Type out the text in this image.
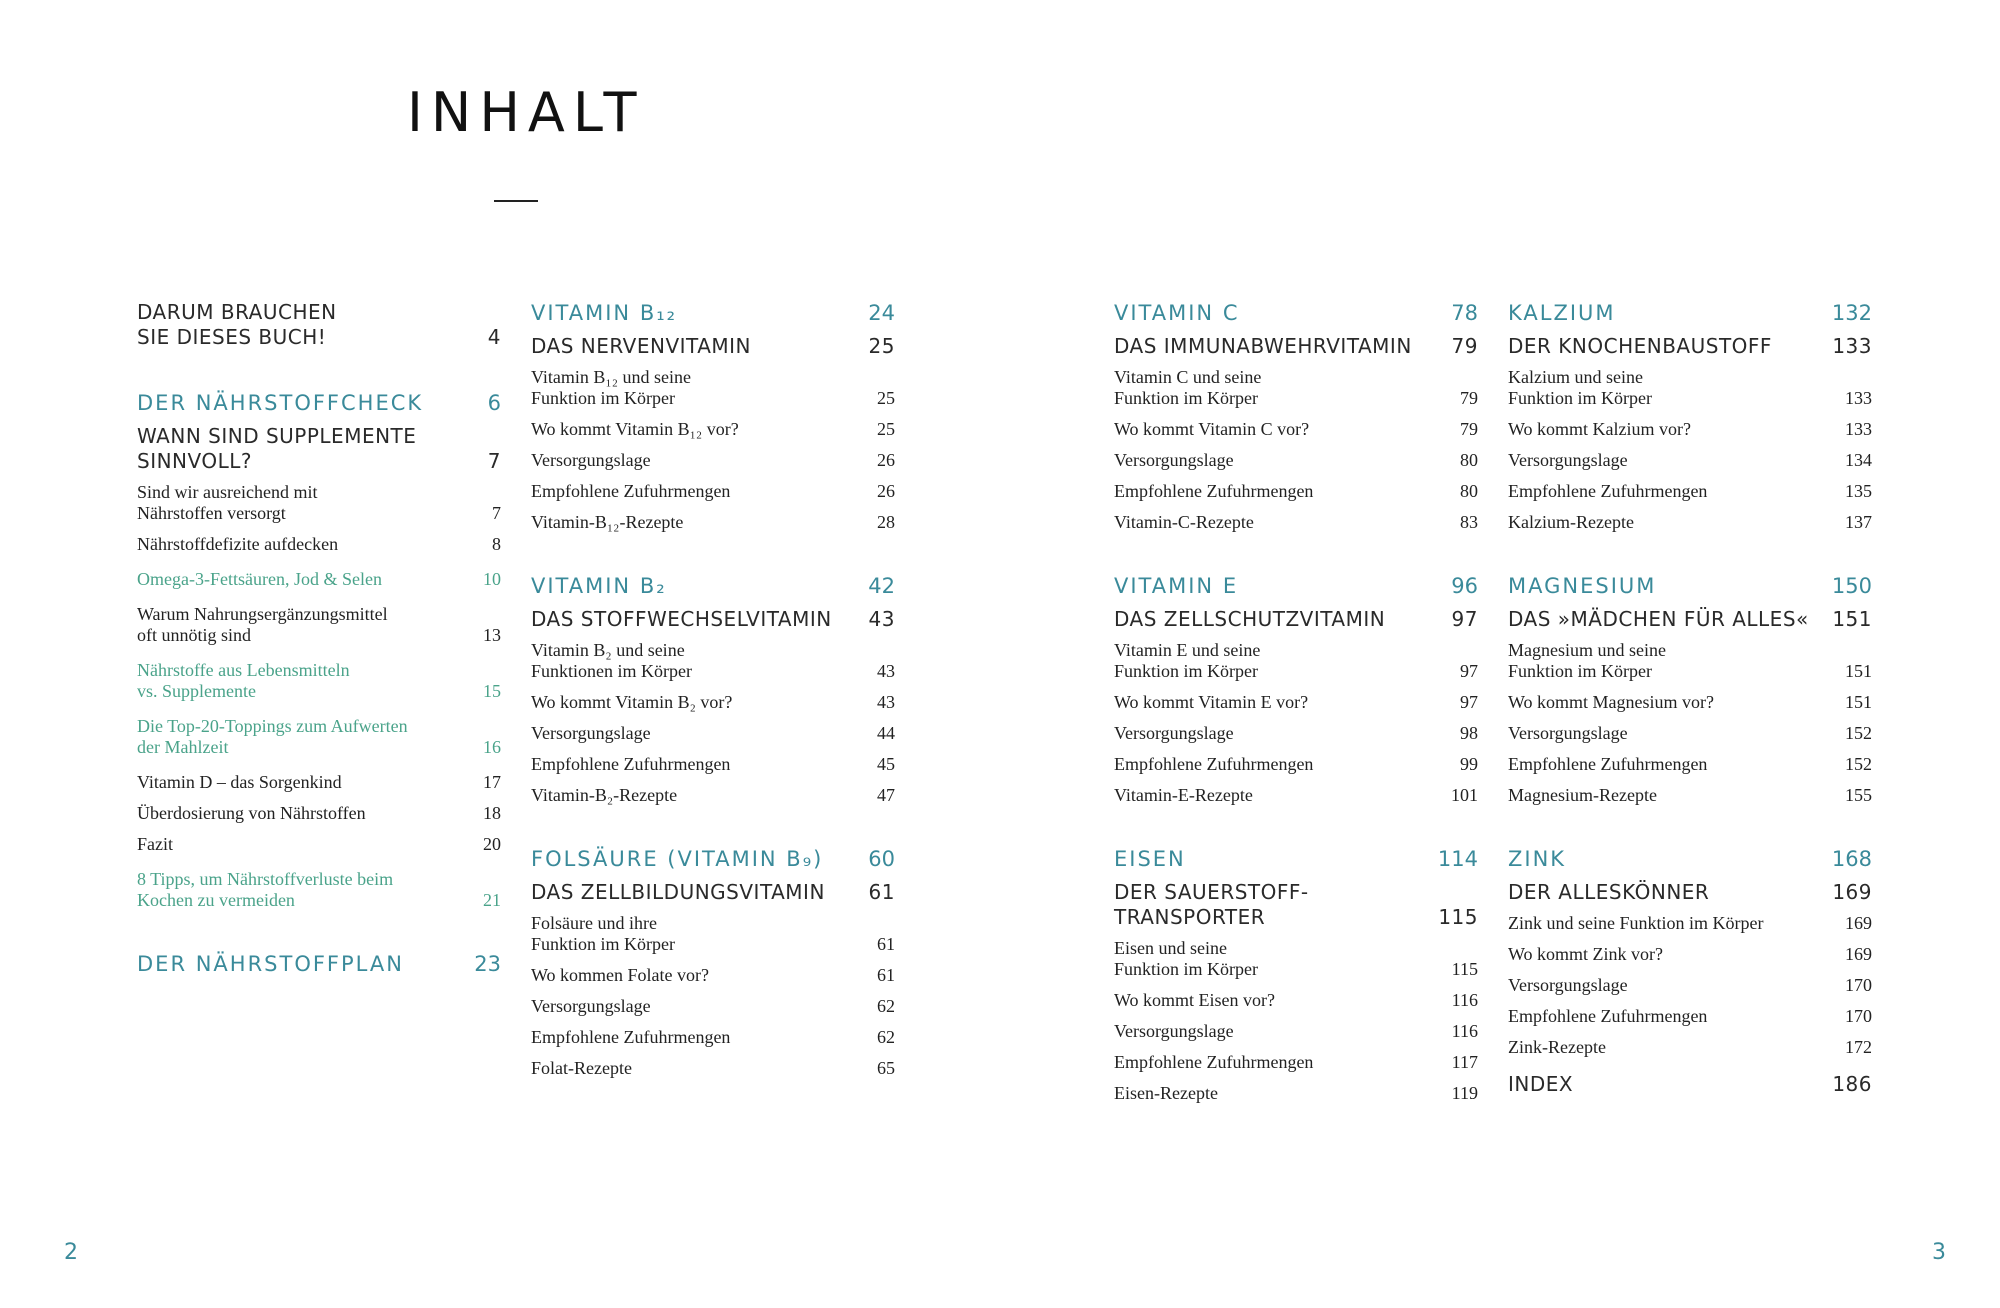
INHALT
DARUM BRAUCHEN
SIE DIESES BUCH!	4
DER NÄHRSTOFFCHECK	6
WANN SIND SUPPLEMENTE
SINNVOLL?	7
Sind wir ausreichend mit
Nährstoffen versorgt	7
Nährstoffdefizite aufdecken	8
Omega-3-Fettsäuren, Jod & Selen	10
Warum Nahrungsergänzungsmittel
oft unnötig sind	13
Nährstoffe aus Lebensmitteln
vs. Supplemente	15
Die Top-20-Toppings zum Aufwerten
der Mahlzeit	16
Vitamin D – das Sorgenkind	17
Überdosierung von Nährstoffen	18
Fazit	20
8 Tipps, um Nährstoffverluste beim
Kochen zu vermeiden	21
DER NÄHRSTOFFPLAN	23
VITAMIN B₁₂	24
DAS NERVENVITAMIN	25
Vitamin B₁₂ und seine
Funktion im Körper	25
Wo kommt Vitamin B₁₂ vor?	25
Versorgungslage	26
Empfohlene Zufuhrmengen	26
Vitamin-B₁₂-Rezepte	28
VITAMIN B₂	42
DAS STOFFWECHSELVITAMIN	43
Vitamin B₂ und seine
Funktionen im Körper	43
Wo kommt Vitamin B₂ vor?	43
Versorgungslage	44
Empfohlene Zufuhrmengen	45
Vitamin-B₂-Rezepte	47
FOLSÄURE (VITAMIN B₉)	60
DAS ZELLBILDUNGSVITAMIN	61
Folsäure und ihre
Funktion im Körper	61
Wo kommen Folate vor?	61
Versorgungslage	62
Empfohlene Zufuhrmengen	62
Folat-Rezepte	65
VITAMIN C	78
DAS IMMUNABWEHRVITAMIN	79
Vitamin C und seine
Funktion im Körper	79
Wo kommt Vitamin C vor?	79
Versorgungslage	80
Empfohlene Zufuhrmengen	80
Vitamin-C-Rezepte	83
VITAMIN E	96
DAS ZELLSCHUTZVITAMIN	97
Vitamin E und seine
Funktion im Körper	97
Wo kommt Vitamin E vor?	97
Versorgungslage	98
Empfohlene Zufuhrmengen	99
Vitamin-E-Rezepte	101
EISEN	114
DER SAUERSTOFF-
TRANSPORTER	115
Eisen und seine
Funktion im Körper	115
Wo kommt Eisen vor?	116
Versorgungslage	116
Empfohlene Zufuhrmengen	117
Eisen-Rezepte	119
KALZIUM	132
DER KNOCHENBAUSTOFF	133
Kalzium und seine
Funktion im Körper	133
Wo kommt Kalzium vor?	133
Versorgungslage	134
Empfohlene Zufuhrmengen	135
Kalzium-Rezepte	137
MAGNESIUM	150
DAS »MÄDCHEN FÜR ALLES«	151
Magnesium und seine
Funktion im Körper	151
Wo kommt Magnesium vor?	151
Versorgungslage	152
Empfohlene Zufuhrmengen	152
Magnesium-Rezepte	155
ZINK	168
DER ALLESKÖNNER	169
Zink und seine Funktion im Körper	169
Wo kommt Zink vor?	169
Versorgungslage	170
Empfohlene Zufuhrmengen	170
Zink-Rezepte	172
INDEX	186
2	3
